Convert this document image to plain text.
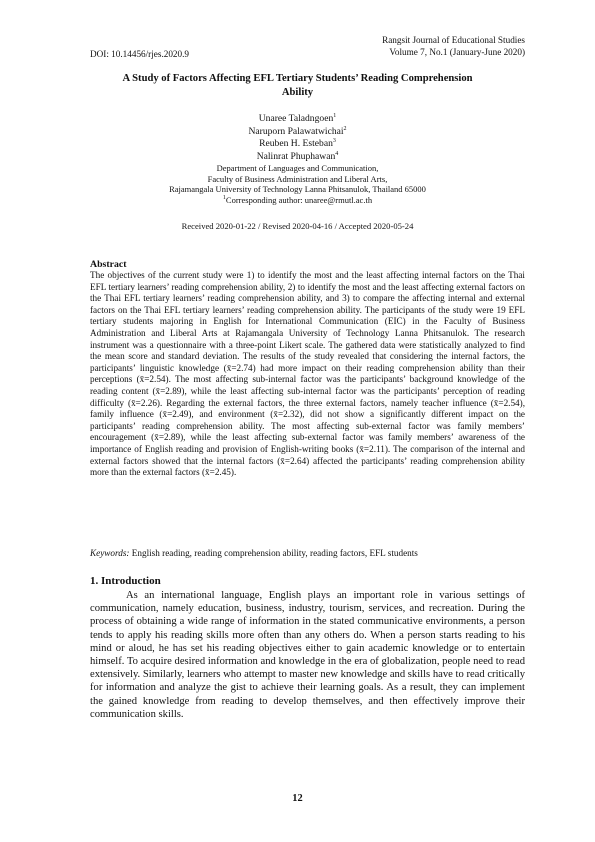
Rangsit Journal of Educational Studies
Volume 7, No.1 (January-June 2020)
DOI: 10.14456/rjes.2020.9
A Study of Factors Affecting EFL Tertiary Students’ Reading Comprehension
Ability
Unaree Taladngoen$^1$
Naruporn Palawatwichai$^2$
Reuben H. Esteban$^3$
Nalinrat Phuphawan$^4$
Department of Languages and Communication,
Faculty of Business Administration and Liberal Arts,
Rajamangala University of Technology Lanna Phitsanulok, Thailand 65000
$^1$Corresponding author: unaree@rmutl.ac.th
Received 2020-01-22 / Revised 2020-04-16 / Accepted 2020-05-24
Abstract
The objectives of the current study were 1) to identify the most and the least affecting internal factors on the Thai EFL tertiary learners’ reading comprehension ability, 2) to identify the most and the least affecting external factors on the Thai EFL tertiary learners’ reading comprehension ability, and 3) to compare the affecting internal and external factors on the Thai EFL tertiary learners’ reading comprehension ability. The participants of the study were 19 EFL tertiary students majoring in English for International Communication (EIC) in the Faculty of Business Administration and Liberal Arts at Rajamangala University of Technology Lanna Phitsanulok. The research instrument was a questionnaire with a three-point Likert scale. The gathered data were statistically analyzed to find the mean score and standard deviation. The results of the study revealed that considering the internal factors, the participants’ linguistic knowledge (x̄=2.74) had more impact on their reading comprehension ability than their perceptions (x̄=2.54). The most affecting sub-internal factor was the participants’ background knowledge of the reading content (x̄=2.89), while the least affecting sub-internal factor was the participants’ perception of reading difficulty (x̄=2.26). Regarding the external factors, the three external factors, namely teacher influence (x̄=2.54), family influence (x̄=2.49), and environment (x̄=2.32), did not show a significantly different impact on the participants’ reading comprehension ability. The most affecting sub-external factor was family members’ encouragement (x̄=2.89), while the least affecting sub-external factor was family members’ awareness of the importance of English reading and provision of English-writing books (x̄=2.11). The comparison of the internal and external factors showed that the internal factors (x̄=2.64) affected the participants’ reading comprehension ability more than the external factors (x̄=2.45).
Keywords: English reading, reading comprehension ability, reading factors, EFL students
1. Introduction
As an international language, English plays an important role in various settings of communication, namely education, business, industry, tourism, services, and recreation. During the process of obtaining a wide range of information in the stated communicative environments, a person tends to apply his reading skills more often than any others do. When a person starts reading to his mind or aloud, he has set his reading objectives either to gain academic knowledge or to entertain himself. To acquire desired information and knowledge in the era of globalization, people need to read extensively. Similarly, learners who attempt to master new knowledge and skills have to read critically for information and analyze the gist to achieve their learning goals. As a result, they can implement the gained knowledge from reading to develop themselves, and then effectively improve their communication skills.
12
